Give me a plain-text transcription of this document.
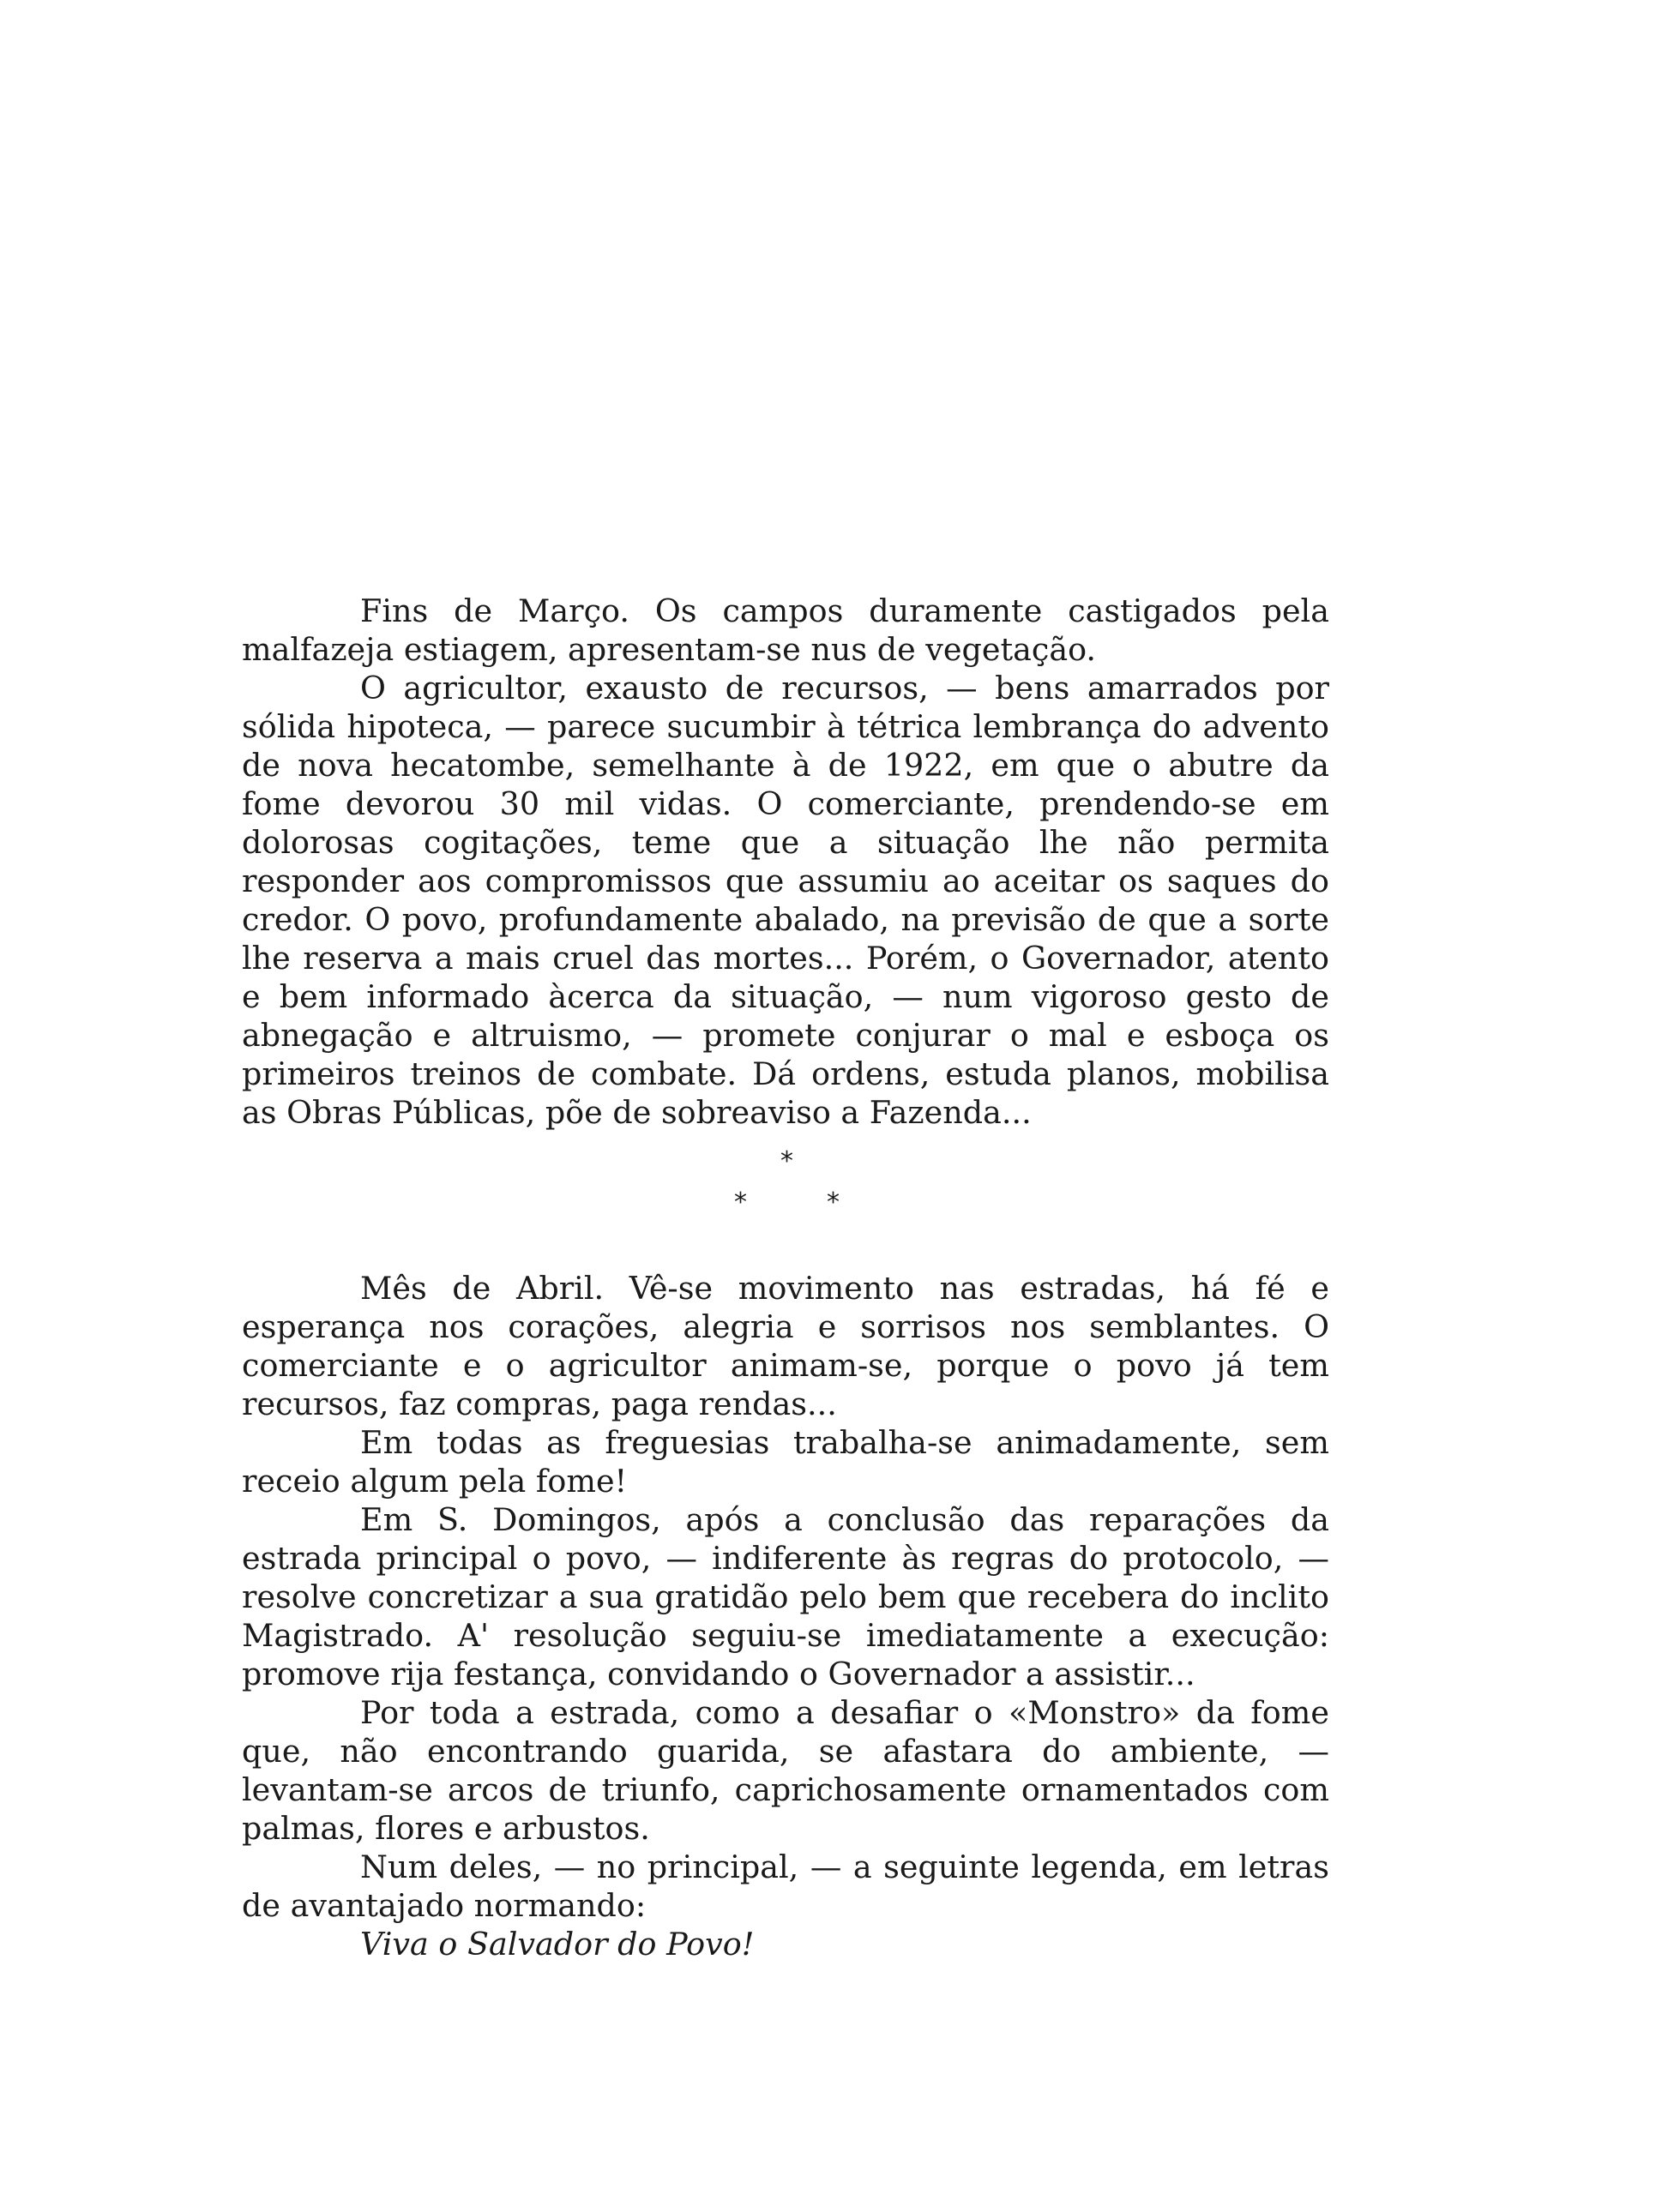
Fins de Março. Os campos duramente castigados pela malfazeja estiagem, apresentam-se nus de vegetação.

O agricultor, exausto de recursos, — bens amarrados por sólida hipoteca, — parece sucumbir à tétrica lembrança do advento de nova hecatombe, semelhante à de 1922, em que o abutre da fome devorou 30 mil vidas. O comerciante, prendendo-se em dolorosas cogitações, teme que a situação lhe não permita responder aos compromissos que assumiu ao aceitar os saques do credor. O povo, profundamente abalado, na previsão de que a sorte lhe reserva a mais cruel das mortes... Porém, o Governador, atento e bem informado àcerca da situação, — num vigoroso gesto de abnegação e altruismo, — promete conjurar o mal e esboça os primeiros treinos de combate. Dá ordens, estuda planos, mobilisa as Obras Públicas, põe de sobreaviso a Fazenda...

*
*	*

Mês de Abril. Vê-se movimento nas estradas, há fé e esperança nos corações, alegria e sorrisos nos semblantes. O comerciante e o agricultor animam-se, porque o povo já tem recursos, faz compras, paga rendas...

Em todas as freguesias trabalha-se animadamente, sem receio algum pela fome!

Em S. Domingos, após a conclusão das reparações da estrada principal o povo, — indiferente às regras do protocolo, — resolve concretizar a sua gratidão pelo bem que recebera do inclito Magistrado. A' resolução seguiu-se imediatamente a execução: promove rija festança, convidando o Governador a assistir...

Por toda a estrada, como a desafiar o «Monstro» da fome que, não encontrando guarida, se afastara do ambiente, — levantam-se arcos de triunfo, caprichosamente ornamentados com palmas, flores e arbustos.

Num deles, — no principal, — a seguinte legenda, em letras de avantajado normando:

Viva o Salvador do Povo!
